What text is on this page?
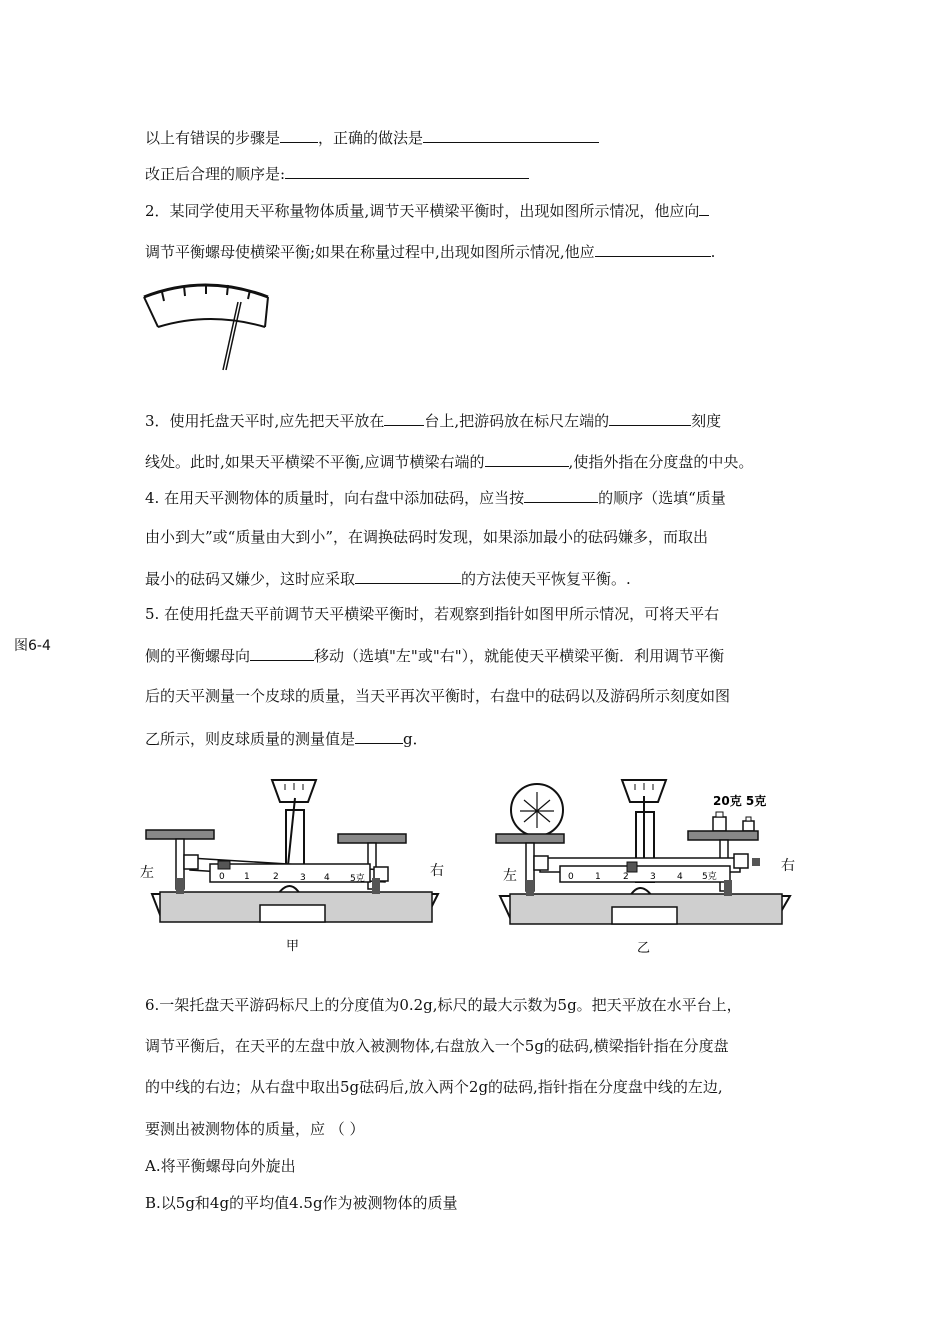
以上有错误的步骤是	，正确的做法是
改正后合理的顺序是:
2．某同学使用天平称量物体质量,调节天平横梁平衡时，出现如图所示情况，他应向
调节平衡螺母使横梁平衡;如果在称量过程中,出现如图所示情况,他应	.
3．使用托盘天平时,应先把天平放在	台上,把游码放在标尺左端的	刻度
线处。此时,如果天平横梁不平衡,应调节横梁右端的	,使指外指在分度盘的中央。
4. 在用天平测物体的质量时，向右盘中添加砝码，应当按	的顺序（选填“质量
由小到大”或“质量由大到小”，在调换砝码时发现，如果添加最小的砝码嫌多，而取出
最小的砝码又嫌少，这时应采取	的方法使天平恢复平衡。.
5. 在使用托盘天平前调节天平横梁平衡时，若观察到指针如图甲所示情况，可将天平右
图6-4
侧的平衡螺母向	移动（选填"左"或"右"），就能使天平横梁平衡．利用调节平衡
后的天平测量一个皮球的质量，当天平再次平衡时，右盘中的砝码以及游码所示刻度如图
乙所示，则皮球质量的测量值是	g．
0 1	2 3 4 5克
左	右
甲
20克 5克
0 1 2 3 4 5克
左
右
乙
6.一架托盘天平游码标尺上的分度值为0.2g,标尺的最大示数为5g。把天平放在水平台上，
调节平衡后，在天平的左盘中放入被测物体,右盘放入一个5g的砝码,横梁指针指在分度盘
的中线的右边；从右盘中取出5g砝码后,放入两个2g的砝码,指针指在分度盘中线的左边,
要测出被测物体的质量，应 （ ）
A.将平衡螺母向外旋出
B.以5g和4g的平均值4.5g作为被测物体的质量
